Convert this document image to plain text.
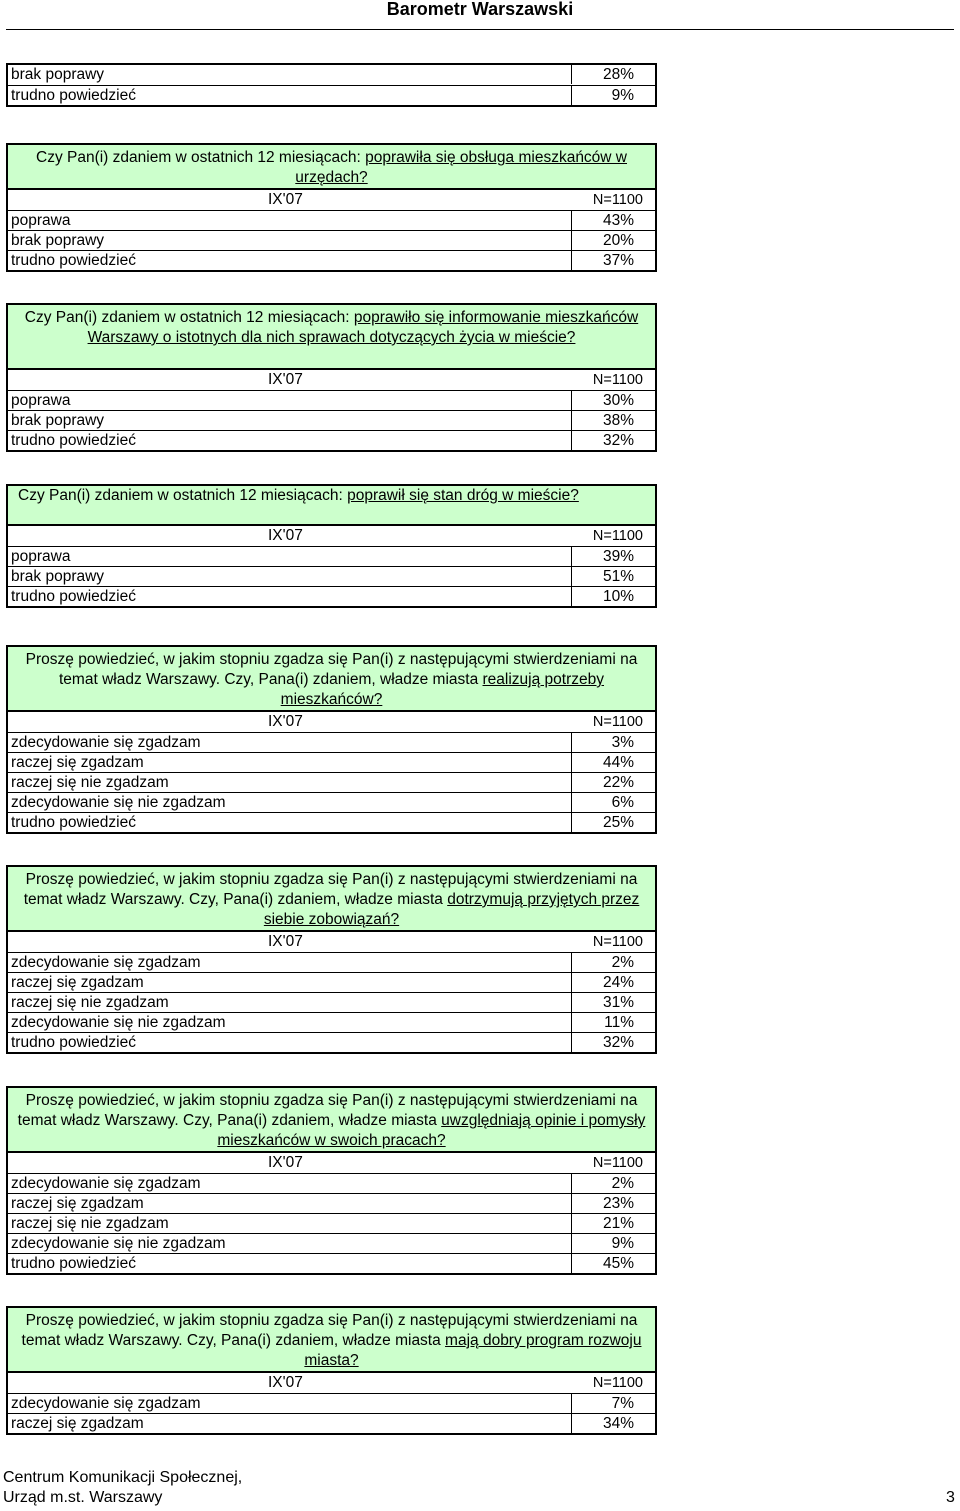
Barometr Warszawski
brak poprawy	28%
trudno powiedzieć	9%
Czy Pan(i) zdaniem w ostatnich 12 miesiącach: poprawiła się obsługa mieszkańców w urzędach?
IX'07	N=1100
poprawa	43%
brak poprawy	20%
trudno powiedzieć	37%
Czy Pan(i) zdaniem w ostatnich 12 miesiącach: poprawiło się informowanie mieszkańców Warszawy o istotnych dla nich sprawach dotyczących życia w mieście?
IX'07	N=1100
poprawa	30%
brak poprawy	38%
trudno powiedzieć	32%
Czy Pan(i) zdaniem w ostatnich 12 miesiącach: poprawił się stan dróg w mieście?
IX'07	N=1100
poprawa	39%
brak poprawy	51%
trudno powiedzieć	10%
Proszę powiedzieć, w jakim stopniu zgadza się Pan(i) z następującymi stwierdzeniami na temat władz Warszawy. Czy, Pana(i) zdaniem, władze miasta realizują potrzeby mieszkańców?
IX'07	N=1100
zdecydowanie się zgadzam	3%
raczej się zgadzam	44%
raczej się nie zgadzam	22%
zdecydowanie się nie zgadzam	6%
trudno powiedzieć	25%
Proszę powiedzieć, w jakim stopniu zgadza się Pan(i) z następującymi stwierdzeniami na temat władz Warszawy. Czy, Pana(i) zdaniem, władze miasta dotrzymują przyjętych przez siebie zobowiązań?
IX'07	N=1100
zdecydowanie się zgadzam	2%
raczej się zgadzam	24%
raczej się nie zgadzam	31%
zdecydowanie się nie zgadzam	11%
trudno powiedzieć	32%
Proszę powiedzieć, w jakim stopniu zgadza się Pan(i) z następującymi stwierdzeniami na temat władz Warszawy. Czy, Pana(i) zdaniem, władze miasta uwzględniają opinie i pomysły mieszkańców w swoich pracach?
IX'07	N=1100
zdecydowanie się zgadzam	2%
raczej się zgadzam	23%
raczej się nie zgadzam	21%
zdecydowanie się nie zgadzam	9%
trudno powiedzieć	45%
Proszę powiedzieć, w jakim stopniu zgadza się Pan(i) z następującymi stwierdzeniami na temat władz Warszawy. Czy, Pana(i) zdaniem, władze miasta mają dobry program rozwoju miasta?
IX'07	N=1100
zdecydowanie się zgadzam	7%
raczej się zgadzam	34%
Centrum Komunikacji Społecznej,
Urząd m.st. Warszawy	3
